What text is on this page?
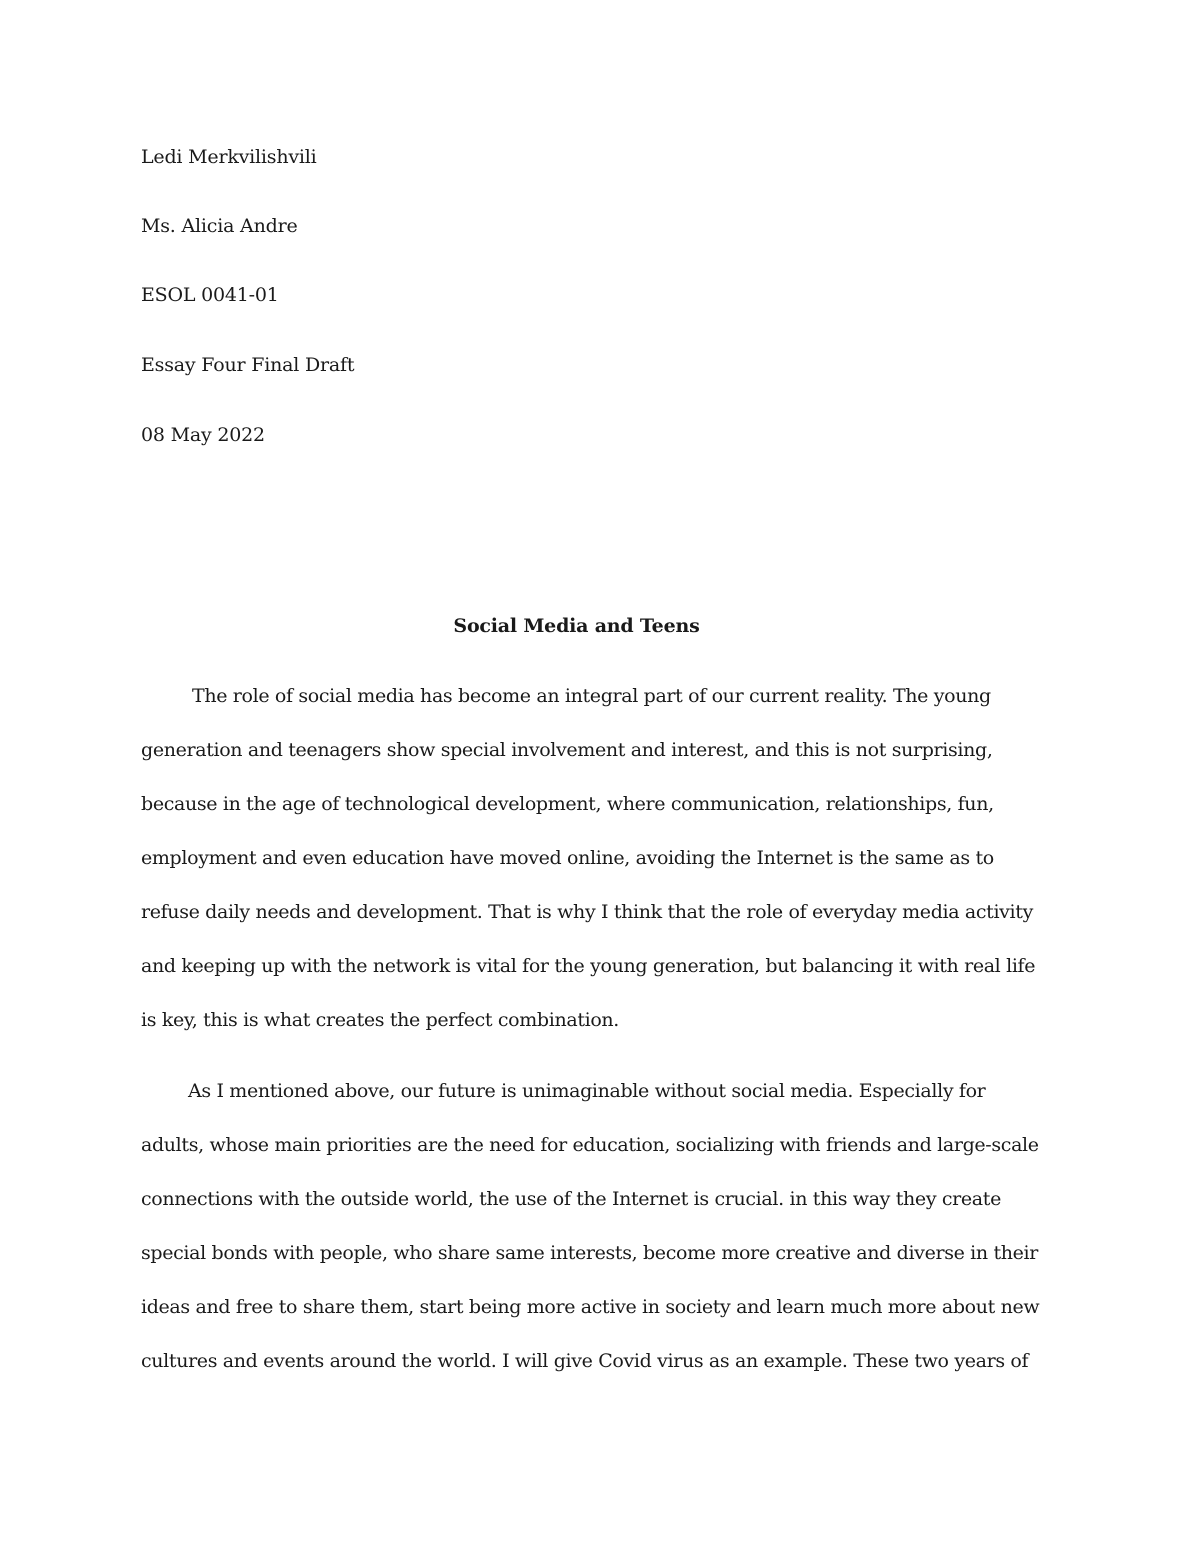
Ledi Merkvilishvili
Ms. Alicia Andre
ESOL 0041-01
Essay Four Final Draft
08 May 2022
Social Media and Teens
The role of social media has become an integral part of our current reality. The young
generation and teenagers show special involvement and interest, and this is not surprising,
because in the age of technological development, where communication, relationships, fun,
employment and even education have moved online, avoiding the Internet is the same as to
refuse daily needs and development. That is why I think that the role of everyday media activity
and keeping up with the network is vital for the young generation, but balancing it with real life
is key, this is what creates the perfect combination.
As I mentioned above, our future is unimaginable without social media. Especially for
adults, whose main priorities are the need for education, socializing with friends and large-scale
connections with the outside world, the use of the Internet is crucial. in this way they create
special bonds with people, who share same interests, become more creative and diverse in their
ideas and free to share them, start being more active in society and learn much more about new
cultures and events around the world. I will give Covid virus as an example. These two years of
